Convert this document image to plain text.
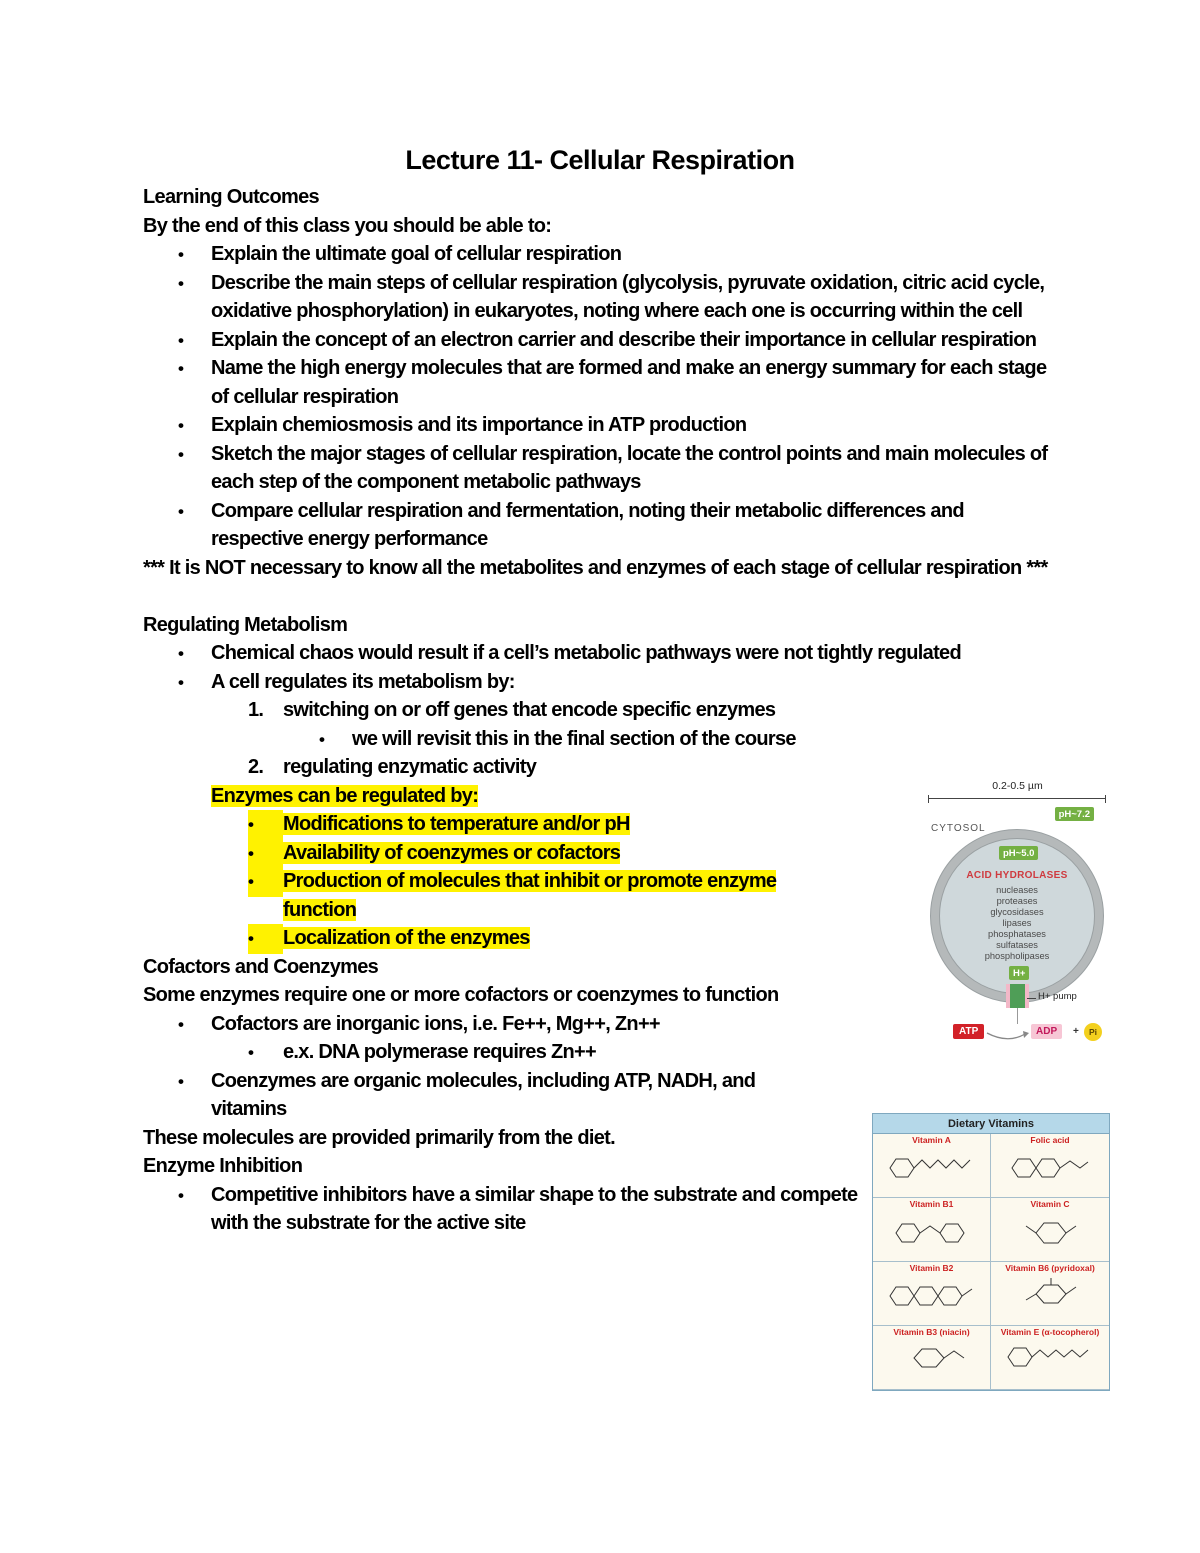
Lecture 11- Cellular Respiration

Learning Outcomes

By the end of this class you should be able to:

•
Explain the ultimate goal of cellular respiration
•
Describe the main steps of cellular respiration (glycolysis, pyruvate oxidation, citric acid cycle, oxidative phosphorylation) in eukaryotes, noting where each one is occurring within the cell
•
Explain the concept of an electron carrier and describe their importance in cellular respiration
•
Name the high energy molecules that are formed and make an energy summary for each stage of cellular respiration
•
Explain chemiosmosis and its importance in ATP production
•
Sketch the major stages of cellular respiration, locate the control points and main molecules of each step of the component metabolic pathways
•
Compare cellular respiration and fermentation, noting their metabolic differences and respective energy performance

*** It is NOT necessary to know all the metabolites and enzymes of each stage of cellular respiration ***

Regulating Metabolism

•
Chemical chaos would result if a cell’s metabolic pathways were not tightly regulated
•
A cell regulates its metabolism by:
1. switching on or off genes that encode specific enzymes
•
we will revisit this in the final section of the course
2. regulating enzymatic activity
Enzymes can be regulated by:
•
Modifications to temperature and/or pH
•
Availability of coenzymes or cofactors
•
Production of molecules that inhibit or promote enzyme function
•
Localization of the enzymes

Cofactors and Coenzymes

Some enzymes require one or more cofactors or coenzymes to function

•
Cofactors are inorganic ions, i.e. Fe++, Mg++, Zn++
•
e.x. DNA polymerase requires Zn++
•
Coenzymes are organic molecules, including ATP, NADH, and vitamins

These molecules are provided primarily from the diet.

Enzyme Inhibition

•
Competitive inhibitors have a similar shape to the substrate and compete with the substrate for the active site
0.2-0.5 µm
pH~7.2
CYTOSOL
pH~5.0
ACID HYDROLASES
nucleases
proteases
glycosidases
lipases
phosphatases
sulfatases
phospholipases
H+
H+ pump
ATP	ADP	+	Pi
Dietary Vitamins
Vitamin A	Folic acid
Vitamin B1	Vitamin C
Vitamin B2	Vitamin B6 (pyridoxal)
Vitamin B3 (niacin)	Vitamin E (α-tocopherol)
